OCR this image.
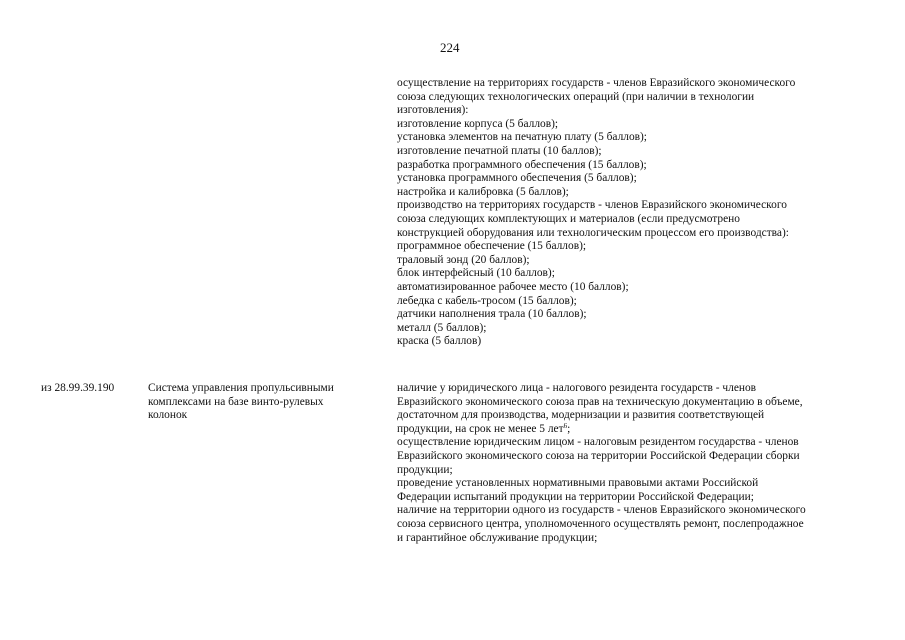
224
осуществление на территориях государств - членов Евразийского экономического
союза следующих технологических операций (при наличии в технологии
изготовления):
изготовление корпуса (5 баллов);
установка элементов на печатную плату (5 баллов);
изготовление печатной платы (10 баллов);
разработка программного обеспечения (15 баллов);
установка программного обеспечения (5 баллов);
настройка и калибровка (5 баллов);
производство на территориях государств - членов Евразийского экономического
союза следующих комплектующих и материалов (если предусмотрено
конструкцией оборудования или технологическим процессом его производства):
программное обеспечение (15 баллов);
траловый зонд (20 баллов);
блок интерфейсный (10 баллов);
автоматизированное рабочее место (10 баллов);
лебедка с кабель-тросом (15 баллов);
датчики наполнения трала (10 баллов);
металл (5 баллов);
краска (5 баллов)
из 28.99.39.190	Система управления пропульсивными
комплексами на базе винто-рулевых
колонок
наличие у юридического лица - налогового резидента государств - членов
Евразийского экономического союза прав на техническую документацию в объеме,
достаточном для производства, модернизации и развития соответствующей
продукции, на срок не менее 5 лет$^6$;
осуществление юридическим лицом - налоговым резидентом государства - членов
Евразийского экономического союза на территории Российской Федерации сборки
продукции;
проведение установленных нормативными правовыми актами Российской
Федерации испытаний продукции на территории Российской Федерации;
наличие на территории одного из государств - членов Евразийского экономического
союза сервисного центра, уполномоченного осуществлять ремонт, послепродажное
и гарантийное обслуживание продукции;
